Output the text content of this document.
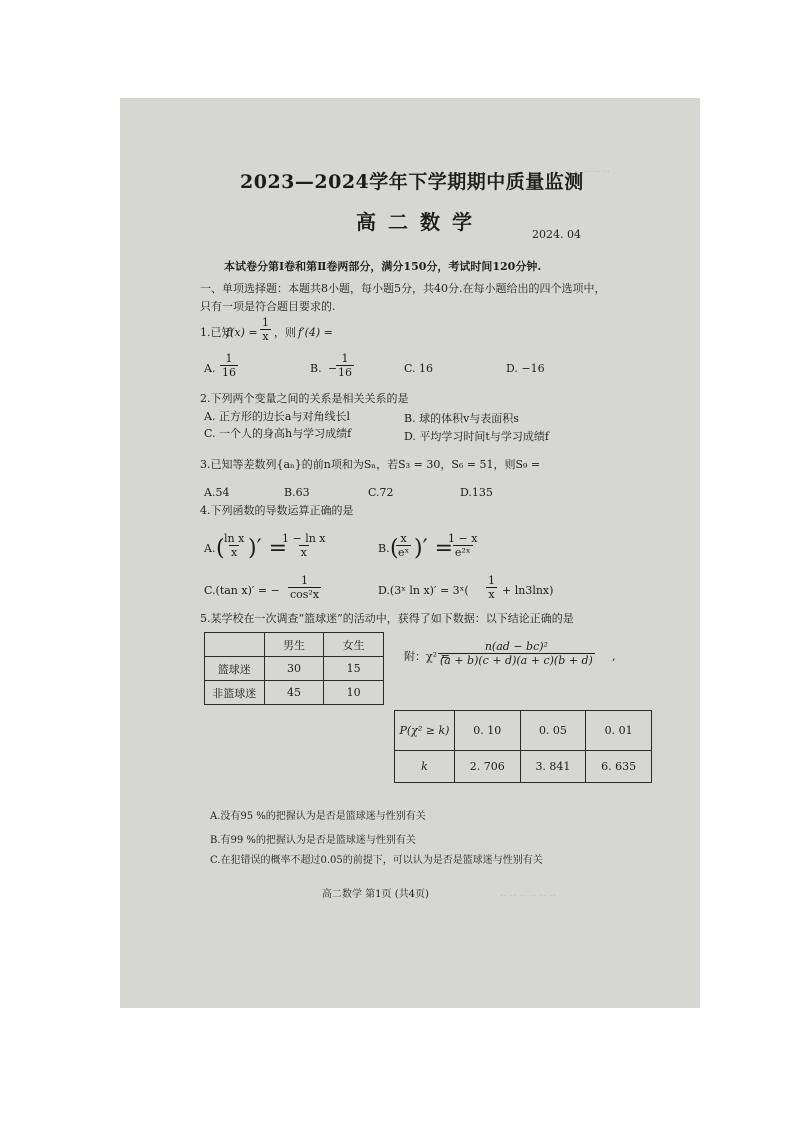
‥ ‥ ‥ ‥ ‥
‥ ‥ ‥ ‥ ‥ ‥
2023—2024学年下学期期中质量监测
高二数学
2024. 04
本试卷分第Ⅰ卷和第Ⅱ卷两部分，满分150分，考试时间120分钟.
一、单项选择题：本题共8小题，每小题5分，共40分.在每小题给出的四个选项中，
只有一项是符合题目要求的.
1.已知
$f(x) = \frac{1}{x}$ ，则 f′(4) =
A. $\frac{1}{16}$	B. −
$\frac{1}{16}$	C. 16	D. −16
2.下列两个变量之间的关系是相关关系的是
A. 正方形的边长a与对角线长l	B. 球的体积v与表面积s
C. 一个人的身高h与学习成绩f	D. 平均学习时间t与学习成绩f
3.已知等差数列{aₙ}的前n项和为Sₙ，若S₃ = 30，S₆ = 51，则S₉ =
A.54	B.63	C.72	D.135
4.下列函数的导数运算正确的是
A. (
$\frac{\text{ln x}}{x}$ )′ =
$\frac{\text{1 − ln x}}{x}$	B. (
$\frac{x}{\text{eˣ}}$ )′ =
$\frac{1 - x}{\text{e²ˣ}}$
C.(tan x)′ = − $\frac{1}{\text{cos²x}}$	D.(3ˣ ln x)′ = 3ˣ( $\frac{1}{x} + \ln 3\ln x$)
5.某学校在一次调查“篮球迷”的活动中，获得了如下数据：以下结论正确的是
	男生	女生
篮球迷	30	15
非篮球迷	45	10
附：χ² =
$\frac{\text{n(ad − bc)²}}{(a + b)(c + d)(a + c)(b + d)}$ ,
P(χ² ≥ k)	0. 10	0. 05	0. 01
k	2. 706	3. 841	6. 635
A.没有95 %的把握认为是否是篮球迷与性别有关
B.有99 %的把握认为是否是篮球迷与性别有关
C.在犯错误的概率不超过0.05的前提下，可以认为是否是篮球迷与性别有关
高二数学 第1页 (共4页)
